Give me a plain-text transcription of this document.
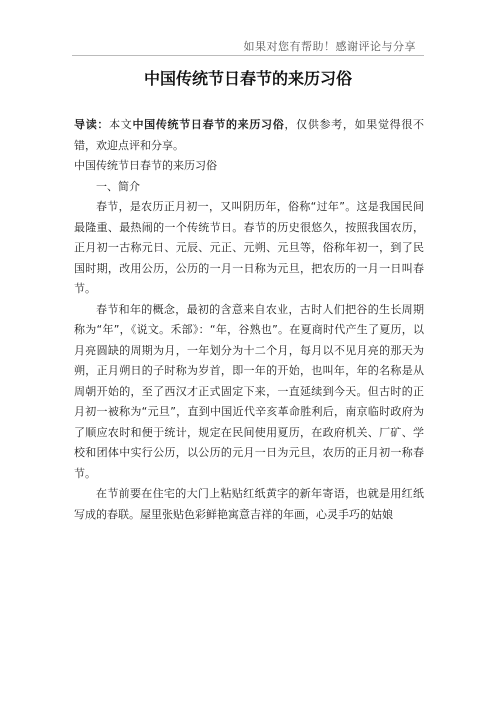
如果对您有帮助！感谢评论与分享
中国传统节日春节的来历习俗

导读：本文中国传统节日春节的来历习俗，仅供参考，如果觉得很不错，欢迎点评和分享。

中国传统节日春节的来历习俗

一、简介

春节，是农历正月初一，又叫阴历年，俗称“过年”。这是我国民间最隆重、最热闹的一个传统节日。春节的历史很悠久，按照我国农历，正月初一古称元日、元辰、元正、元朔、元旦等，俗称年初一，到了民国时期，改用公历，公历的一月一日称为元旦，把农历的一月一日叫春节。

春节和年的概念，最初的含意来自农业，古时人们把谷的生长周期称为“年”，《说文。禾部》：“年，谷熟也”。在夏商时代产生了夏历，以月亮圆缺的周期为月，一年划分为十二个月，每月以不见月亮的那天为朔，正月朔日的子时称为岁首，即一年的开始，也叫年，年的名称是从周朝开始的，至了西汉才正式固定下来，一直延续到今天。但古时的正月初一被称为“元旦”，直到中国近代辛亥革命胜利后，南京临时政府为了顺应农时和便于统计，规定在民间使用夏历，在政府机关、厂矿、学校和团体中实行公历，以公历的元月一日为元旦，农历的正月初一称春节。

在节前要在住宅的大门上粘贴红纸黄字的新年寄语，也就是用红纸写成的春联。屋里张贴色彩鲜艳寓意吉祥的年画，心灵手巧的姑娘
